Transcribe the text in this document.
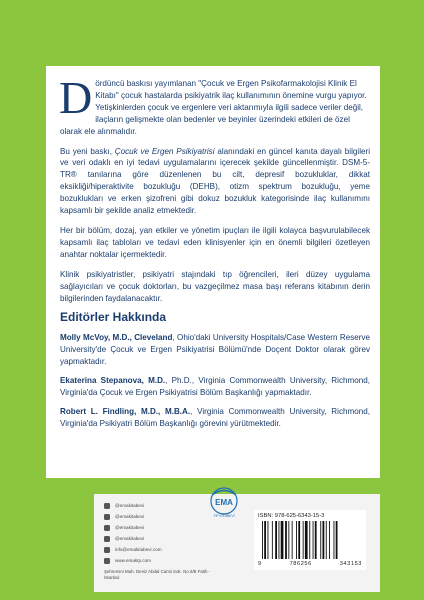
D ördüncü baskısı yayımlanan "Çocuk ve Ergen Psikofarmakolojisi Klinik El Kitabı" çocuk hastalarda psikiyatrik ilaç kullanımının önemine vurgu yapıyor. Yetişkinlerden çocuk ve ergenlere veri aktarımıyla ilgili sadece veriler değil, ilaçların gelişmekte olan bedenler ve beyinler üzerindeki etkileri de özel olarak ele alınmalıdır.

Bu yeni baskı, Çocuk ve Ergen Psikiyatrisi alanındaki en güncel kanıta dayalı bilgileri ve veri odaklı en iyi tedavi uygulamalarını içerecek şekilde güncellenmiştir. DSM-5-TR® tanılarına göre düzenlenen bu cilt, depresif bozukluklar, dikkat eksikliği/hiperaktivite bozukluğu (DEHB), otizm spektrum bozukluğu, yeme bozuklukları ve erken şizofreni gibi dokuz bozukluk kategorisinde ilaç kullanımını kapsamlı bir şekilde analiz etmektedir.

Her bir bölüm, dozaj, yan etkiler ve yönetim ipuçları ile ilgili kolayca başvurulabilecek kapsamlı ilaç tabloları ve tedavi eden klinisyenler için en önemli bilgileri özetleyen anahtar noktalar içermektedir.

Klinik psikiyatristler, psikiyatri stajındaki tıp öğrencileri, ileri düzey uygulama sağlayıcıları ve çocuk doktorları, bu vazgeçilmez masa başı referans kitabının derin bilgilerinden faydalanacaktır.

Editörler Hakkında

Molly McVoy, M.D., Cleveland, Ohio'daki University Hospitals/Case Western Reserve University'de Çocuk ve Ergen Psikiyatrisi Bölümü'nde Doçent Doktor olarak görev yapmaktadır.

Ekaterina Stepanova, M.D., Ph.D., Virginia Commonwealth University, Richmond, Virginia'da Çocuk ve Ergen Psikiyatrisi Bölüm Başkanlığı yapmaktadır.

Robert L. Findling, M.D., M.B.A., Virginia Commonwealth University, Richmond, Virginia'da Psikiyatri Bölüm Başkanlığı görevini yürütmektedir.

@emakitabevi
@emakitabevi
@emakitabevi
@emakitabevi
info@emakitabevi.com
www.emaktp.com
Şehremini Mah. Deniz Abdal Camii Sok. No:4/B Fatih - İstanbul
EMA
TIP KİTABEVİ	ISBN: 978-625-6343-15-3
9	786256	343153
